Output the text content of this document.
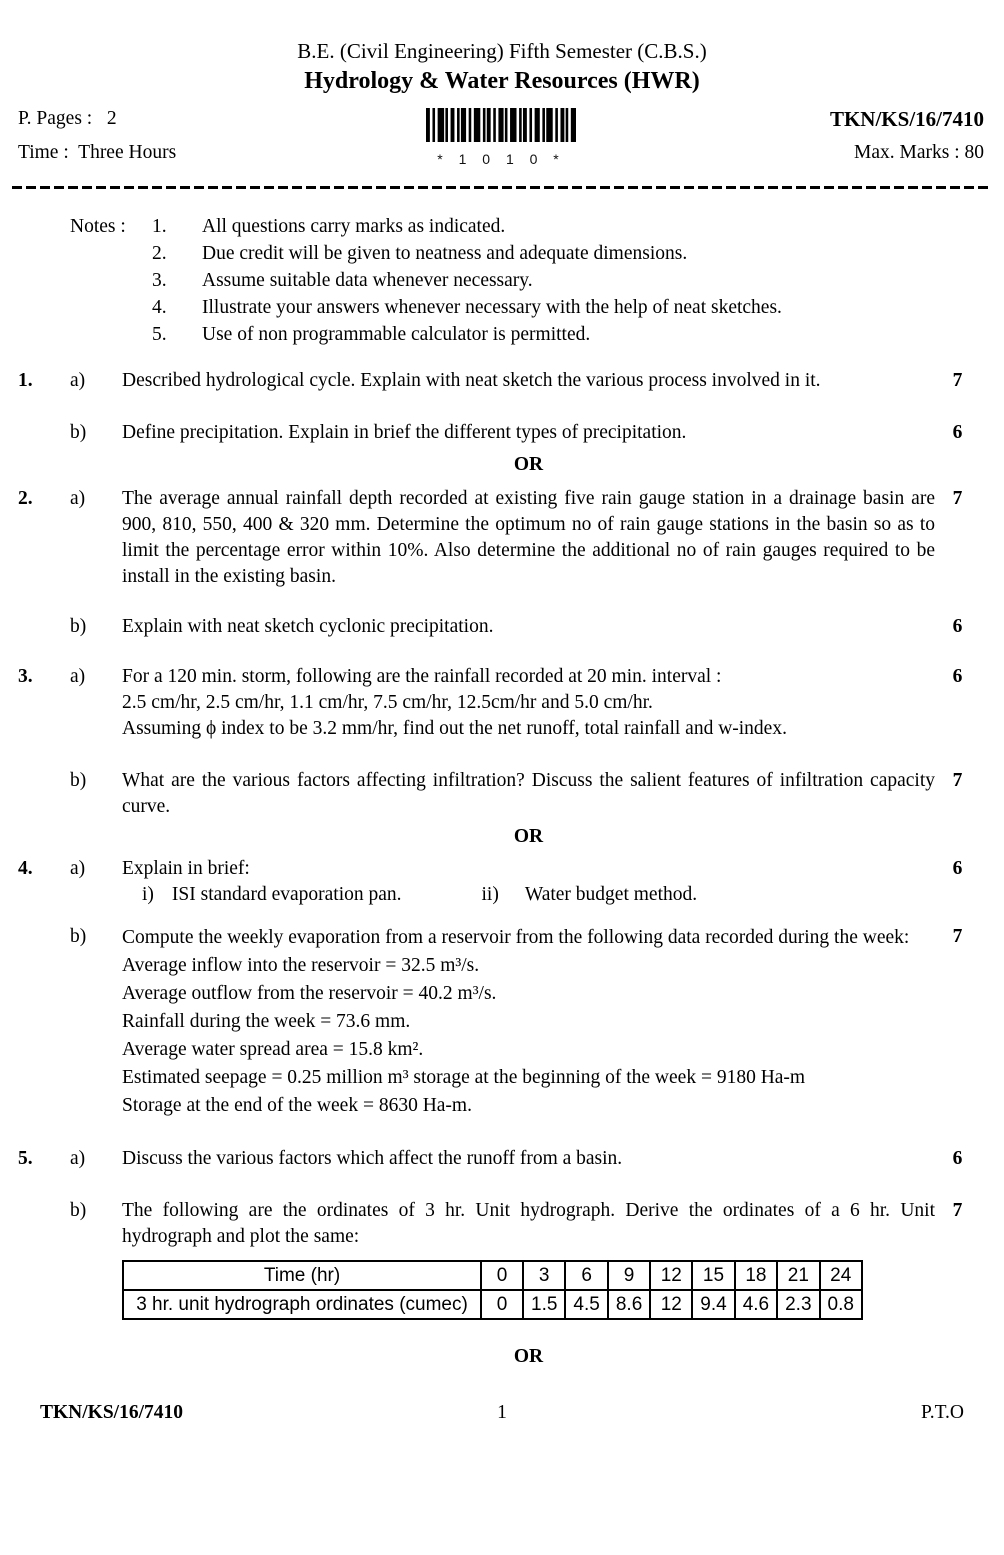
B.E. (Civil Engineering) Fifth Semester (C.B.S.)
Hydrology & Water Resources (HWR)
P. Pages :   2
Time :  Three Hours	* 1 0 1 0 *
TKN/KS/16/7410
Max. Marks : 80
Notes :	1.	All questions carry marks as indicated.
2.	Due credit will be given to neatness and adequate dimensions.
3.	Assume suitable data whenever necessary.
4.	Illustrate your answers whenever necessary with the help of neat sketches.
5.	Use of non programmable calculator is permitted.
1.	a)	Described hydrological cycle. Explain with neat sketch the various process involved in it.	7
b)	Define precipitation. Explain in brief the different types of precipitation.	6
OR
2.	a)	The average annual rainfall depth recorded at existing five rain gauge station in a drainage basin are 900, 810, 550, 400 & 320 mm. Determine the optimum no of rain gauge stations in the basin so as to limit the percentage error within 10%. Also determine the additional no of rain gauges required to be install in the existing basin.
7
b)	Explain with neat sketch cyclonic precipitation.	6
3.	a)	For a 120 min. storm, following are the rainfall recorded at 20 min. interval :
2.5 cm/hr, 2.5 cm/hr, 1.1 cm/hr, 7.5 cm/hr, 12.5cm/hr and 5.0 cm/hr.
Assuming ϕ index to be 3.2 mm/hr, find out the net runoff, total rainfall and w-index.
6
b)	What are the various factors affecting infiltration? Discuss the salient features of infiltration capacity curve.
7
OR
4.	a)	Explain in brief:
i) ISI standard evaporation pan.	ii) Water budget method.
6
b)	Compute the weekly evaporation from a reservoir from the following data recorded during the week:
Average inflow into the reservoir = 32.5 m³/s.
Average outflow from the reservoir = 40.2 m³/s.
Rainfall during the week = 73.6 mm.
Average water spread area = 15.8 km².
Estimated seepage = 0.25 million m³ storage at the beginning of the week = 9180 Ha-m
Storage at the end of the week = 8630 Ha-m.
7
5.	a)	Discuss the various factors which affect the runoff from a basin.	6
b)	The following are the ordinates of 3 hr. Unit hydrograph. Derive the ordinates of a 6 hr. Unit hydrograph and plot the same:
7
Time (hr)	0	3	6	9	12	15	18	21	24
3 hr. unit hydrograph ordinates (cumec)	0	1.5	4.5	8.6	12	9.4	4.6	2.3	0.8
OR
TKN/KS/16/7410	1	P.T.O
